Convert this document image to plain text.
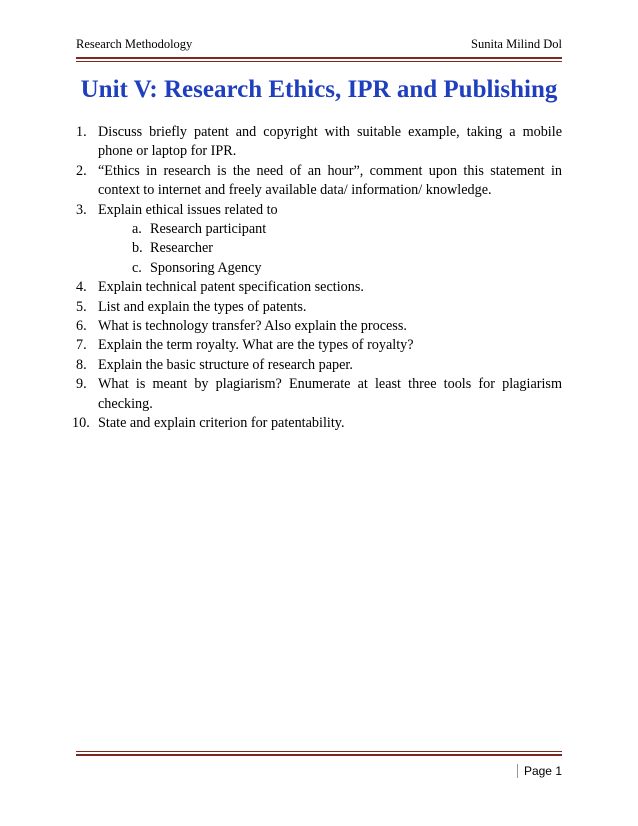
Research Methodology	Sunita Milind Dol
Unit V: Research Ethics, IPR and Publishing
1. Discuss briefly patent and copyright with suitable example, taking a mobile phone or laptop for IPR.
2. “Ethics in research is the need of an hour”, comment upon this statement in context to internet and freely available data/ information/ knowledge.
3. Explain ethical issues related to
a. Research participant
b. Researcher
c. Sponsoring Agency
4. Explain technical patent specification sections.
5. List and explain the types of patents.
6. What is technology transfer? Also explain the process.
7. Explain the term royalty. What are the types of royalty?
8. Explain the basic structure of research paper.
9. What is meant by plagiarism? Enumerate at least three tools for plagiarism checking.
10. State and explain criterion for patentability.
Page 1
